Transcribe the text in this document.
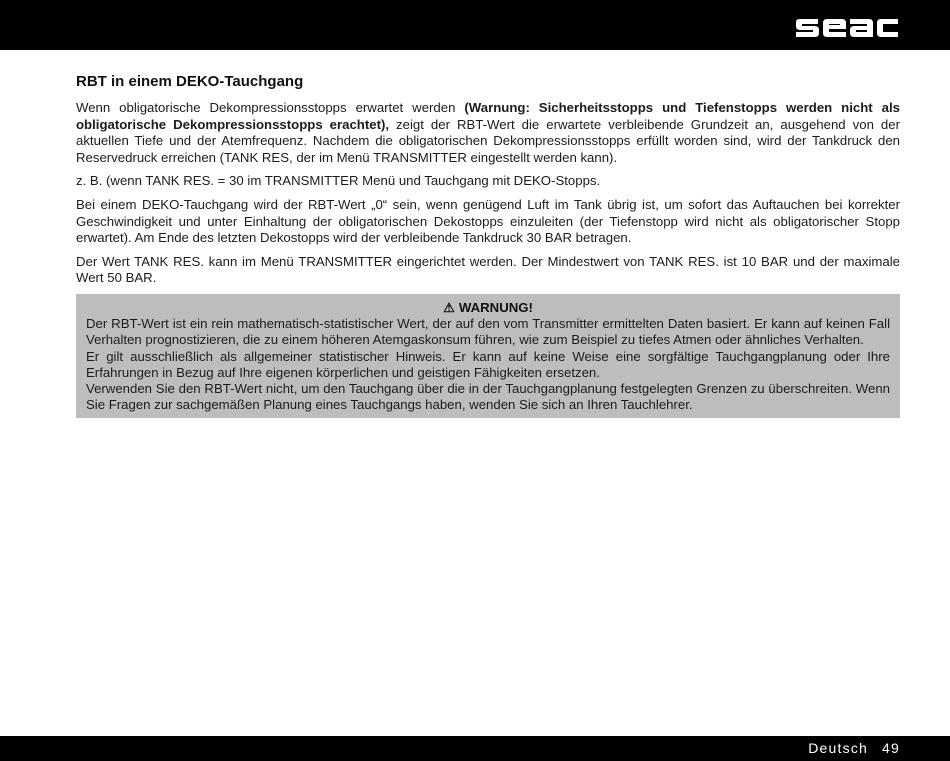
RBT in einem DEKO-Tauchgang

Wenn obligatorische Dekompressionsstopps erwartet werden (Warnung: Sicherheitsstopps und Tiefenstopps werden nicht als obligatorische Dekompressionsstopps erachtet), zeigt der RBT-Wert die erwartete verbleibende Grundzeit an, ausgehend von der aktuellen Tiefe und der Atemfrequenz. Nachdem die obligatorischen Dekompressionsstopps erfüllt worden sind, wird der Tankdruck den Reservedruck erreichen (TANK RES, der im Menü TRANSMITTER eingestellt werden kann).

z. B. (wenn TANK RES. = 30 im TRANSMITTER Menü und Tauchgang mit DEKO-Stopps.

Bei einem DEKO-Tauchgang wird der RBT-Wert „0“ sein, wenn genügend Luft im Tank übrig ist, um sofort das Auftauchen bei korrekter Geschwindigkeit und unter Einhaltung der obligatorischen Dekostopps einzuleiten (der Tiefenstopp wird nicht als obligatorischer Stopp erwartet). Am Ende des letzten Dekostopps wird der verbleibende Tankdruck 30 BAR betragen.

Der Wert TANK RES. kann im Menü TRANSMITTER eingerichtet werden. Der Mindestwert von TANK RES. ist 10 BAR und der maximale Wert 50 BAR.

⚠ WARNUNG!

Der RBT-Wert ist ein rein mathematisch-statistischer Wert, der auf den vom Transmitter ermittelten Daten basiert. Er kann auf keinen Fall Verhalten prognostizieren, die zu einem höheren Atemgaskonsum führen, wie zum Beispiel zu tiefes Atmen oder ähnliches Verhalten.

Er gilt ausschließlich als allgemeiner statistischer Hinweis. Er kann auf keine Weise eine sorgfältige Tauchgangplanung oder Ihre Erfahrungen in Bezug auf Ihre eigenen körperlichen und geistigen Fähigkeiten ersetzen.

Verwenden Sie den RBT-Wert nicht, um den Tauchgang über die in der Tauchgangplanung festgelegten Grenzen zu überschreiten. Wenn Sie Fragen zur sachgemäßen Planung eines Tauchgangs haben, wenden Sie sich an Ihren Tauchlehrer.

Deutsch 49
